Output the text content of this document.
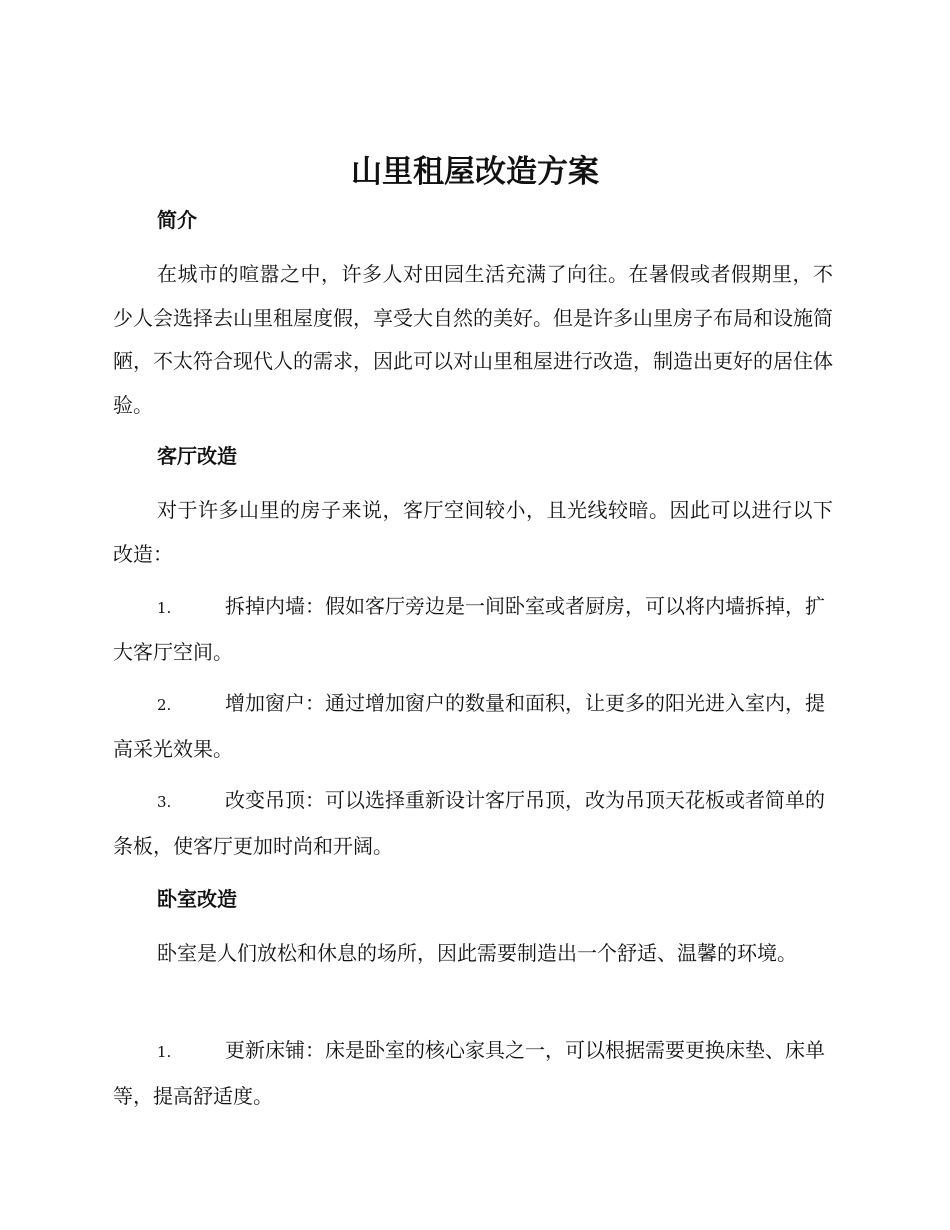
山里租屋改造方案
简介

在城市的喧嚣之中，许多人对田园生活充满了向往。在暑假或者假期里，不少人会选择去山里租屋度假，享受大自然的美好。但是许多山里房子布局和设施简陋，不太符合现代人的需求，因此可以对山里租屋进行改造，制造出更好的居住体验。

客厅改造

对于许多山里的房子来说，客厅空间较小，且光线较暗。因此可以进行以下改造：

1.	拆掉内墙：假如客厅旁边是一间卧室或者厨房，可以将内墙拆掉，扩大客厅空间。

2.	增加窗户：通过增加窗户的数量和面积，让更多的阳光进入室内，提高采光效果。

3.	改变吊顶：可以选择重新设计客厅吊顶，改为吊顶天花板或者简单的条板，使客厅更加时尚和开阔。

卧室改造

卧室是人们放松和休息的场所，因此需要制造出一个舒适、温馨的环境。

1.	更新床铺：床是卧室的核心家具之一，可以根据需要更换床垫、床单等，提高舒适度。
